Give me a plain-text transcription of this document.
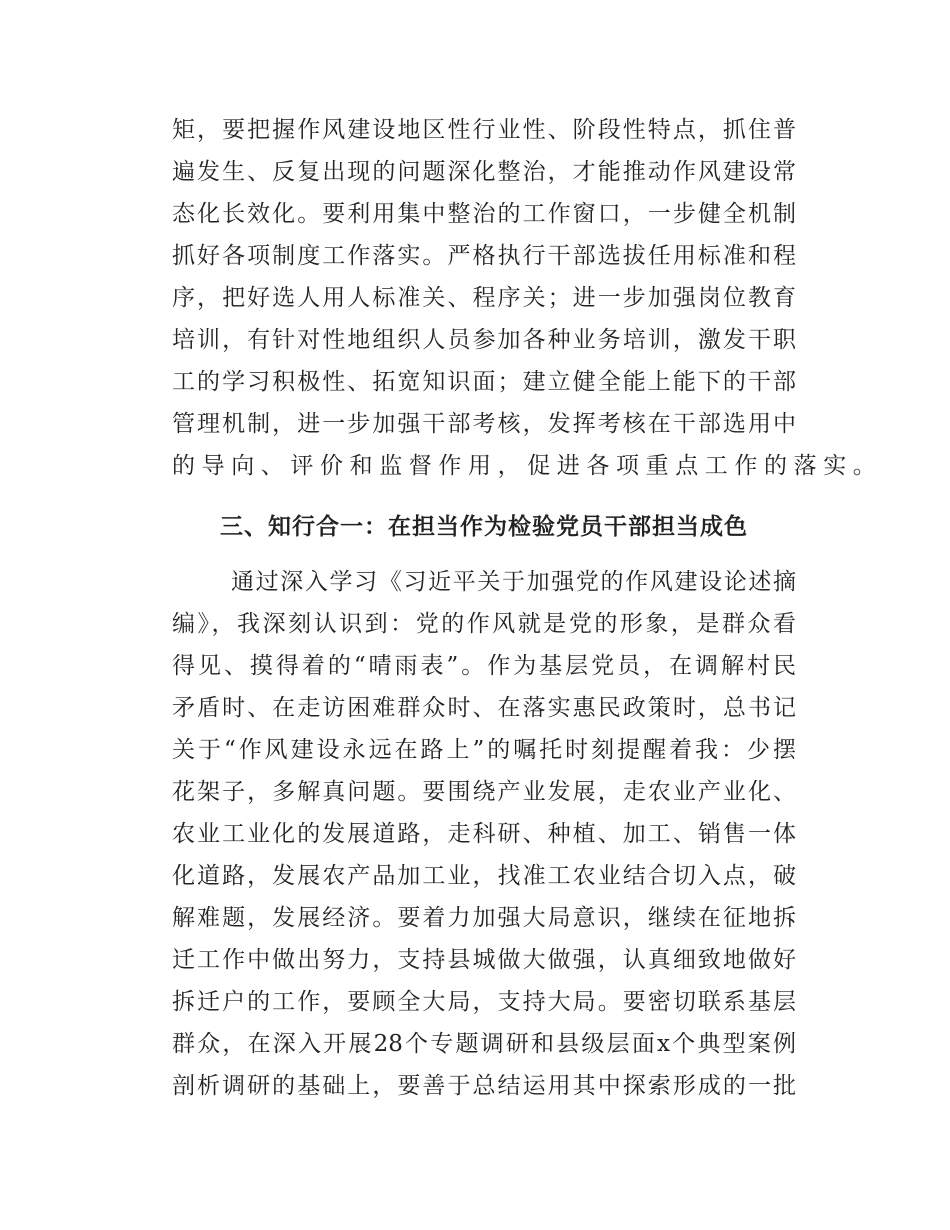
矩，要把握作风建设地区性行业性、阶段性特点，抓住普
遍发生、反复出现的问题深化整治，才能推动作风建设常
态化长效化。要利用集中整治的工作窗口，一步健全机制
抓好各项制度工作落实。严格执行干部选拔任用标准和程
序，把好选人用人标准关、程序关；进一步加强岗位教育
培训，有针对性地组织人员参加各种业务培训，激发干职
工的学习积极性、拓宽知识面；建立健全能上能下的干部
管理机制，进一步加强干部考核，发挥考核在干部选用中
的导向、评价和监督作用，促进各项重点工作的落实。
通过深入学习《习近平关于加强党的作风建设论述摘
编》，我深刻认识到：党的作风就是党的形象，是群众看
得见、摸得着的“晴雨表”。作为基层党员，在调解村民
矛盾时、在走访困难群众时、在落实惠民政策时，总书记
关于“作风建设永远在路上”的嘱托时刻提醒着我：少摆
花架子，多解真问题。要围绕产业发展，走农业产业化、
农业工业化的发展道路，走科研、种植、加工、销售一体
化道路，发展农产品加工业，找准工农业结合切入点，破
解难题，发展经济。要着力加强大局意识，继续在征地拆
迁工作中做出努力，支持县城做大做强，认真细致地做好
拆迁户的工作，要顾全大局，支持大局。要密切联系基层
群众，在深入开展28个专题调研和县级层面x个典型案例
剖析调研的基础上，要善于总结运用其中探索形成的一批
三、知行合一：在担当作为检验党员干部担当成色
